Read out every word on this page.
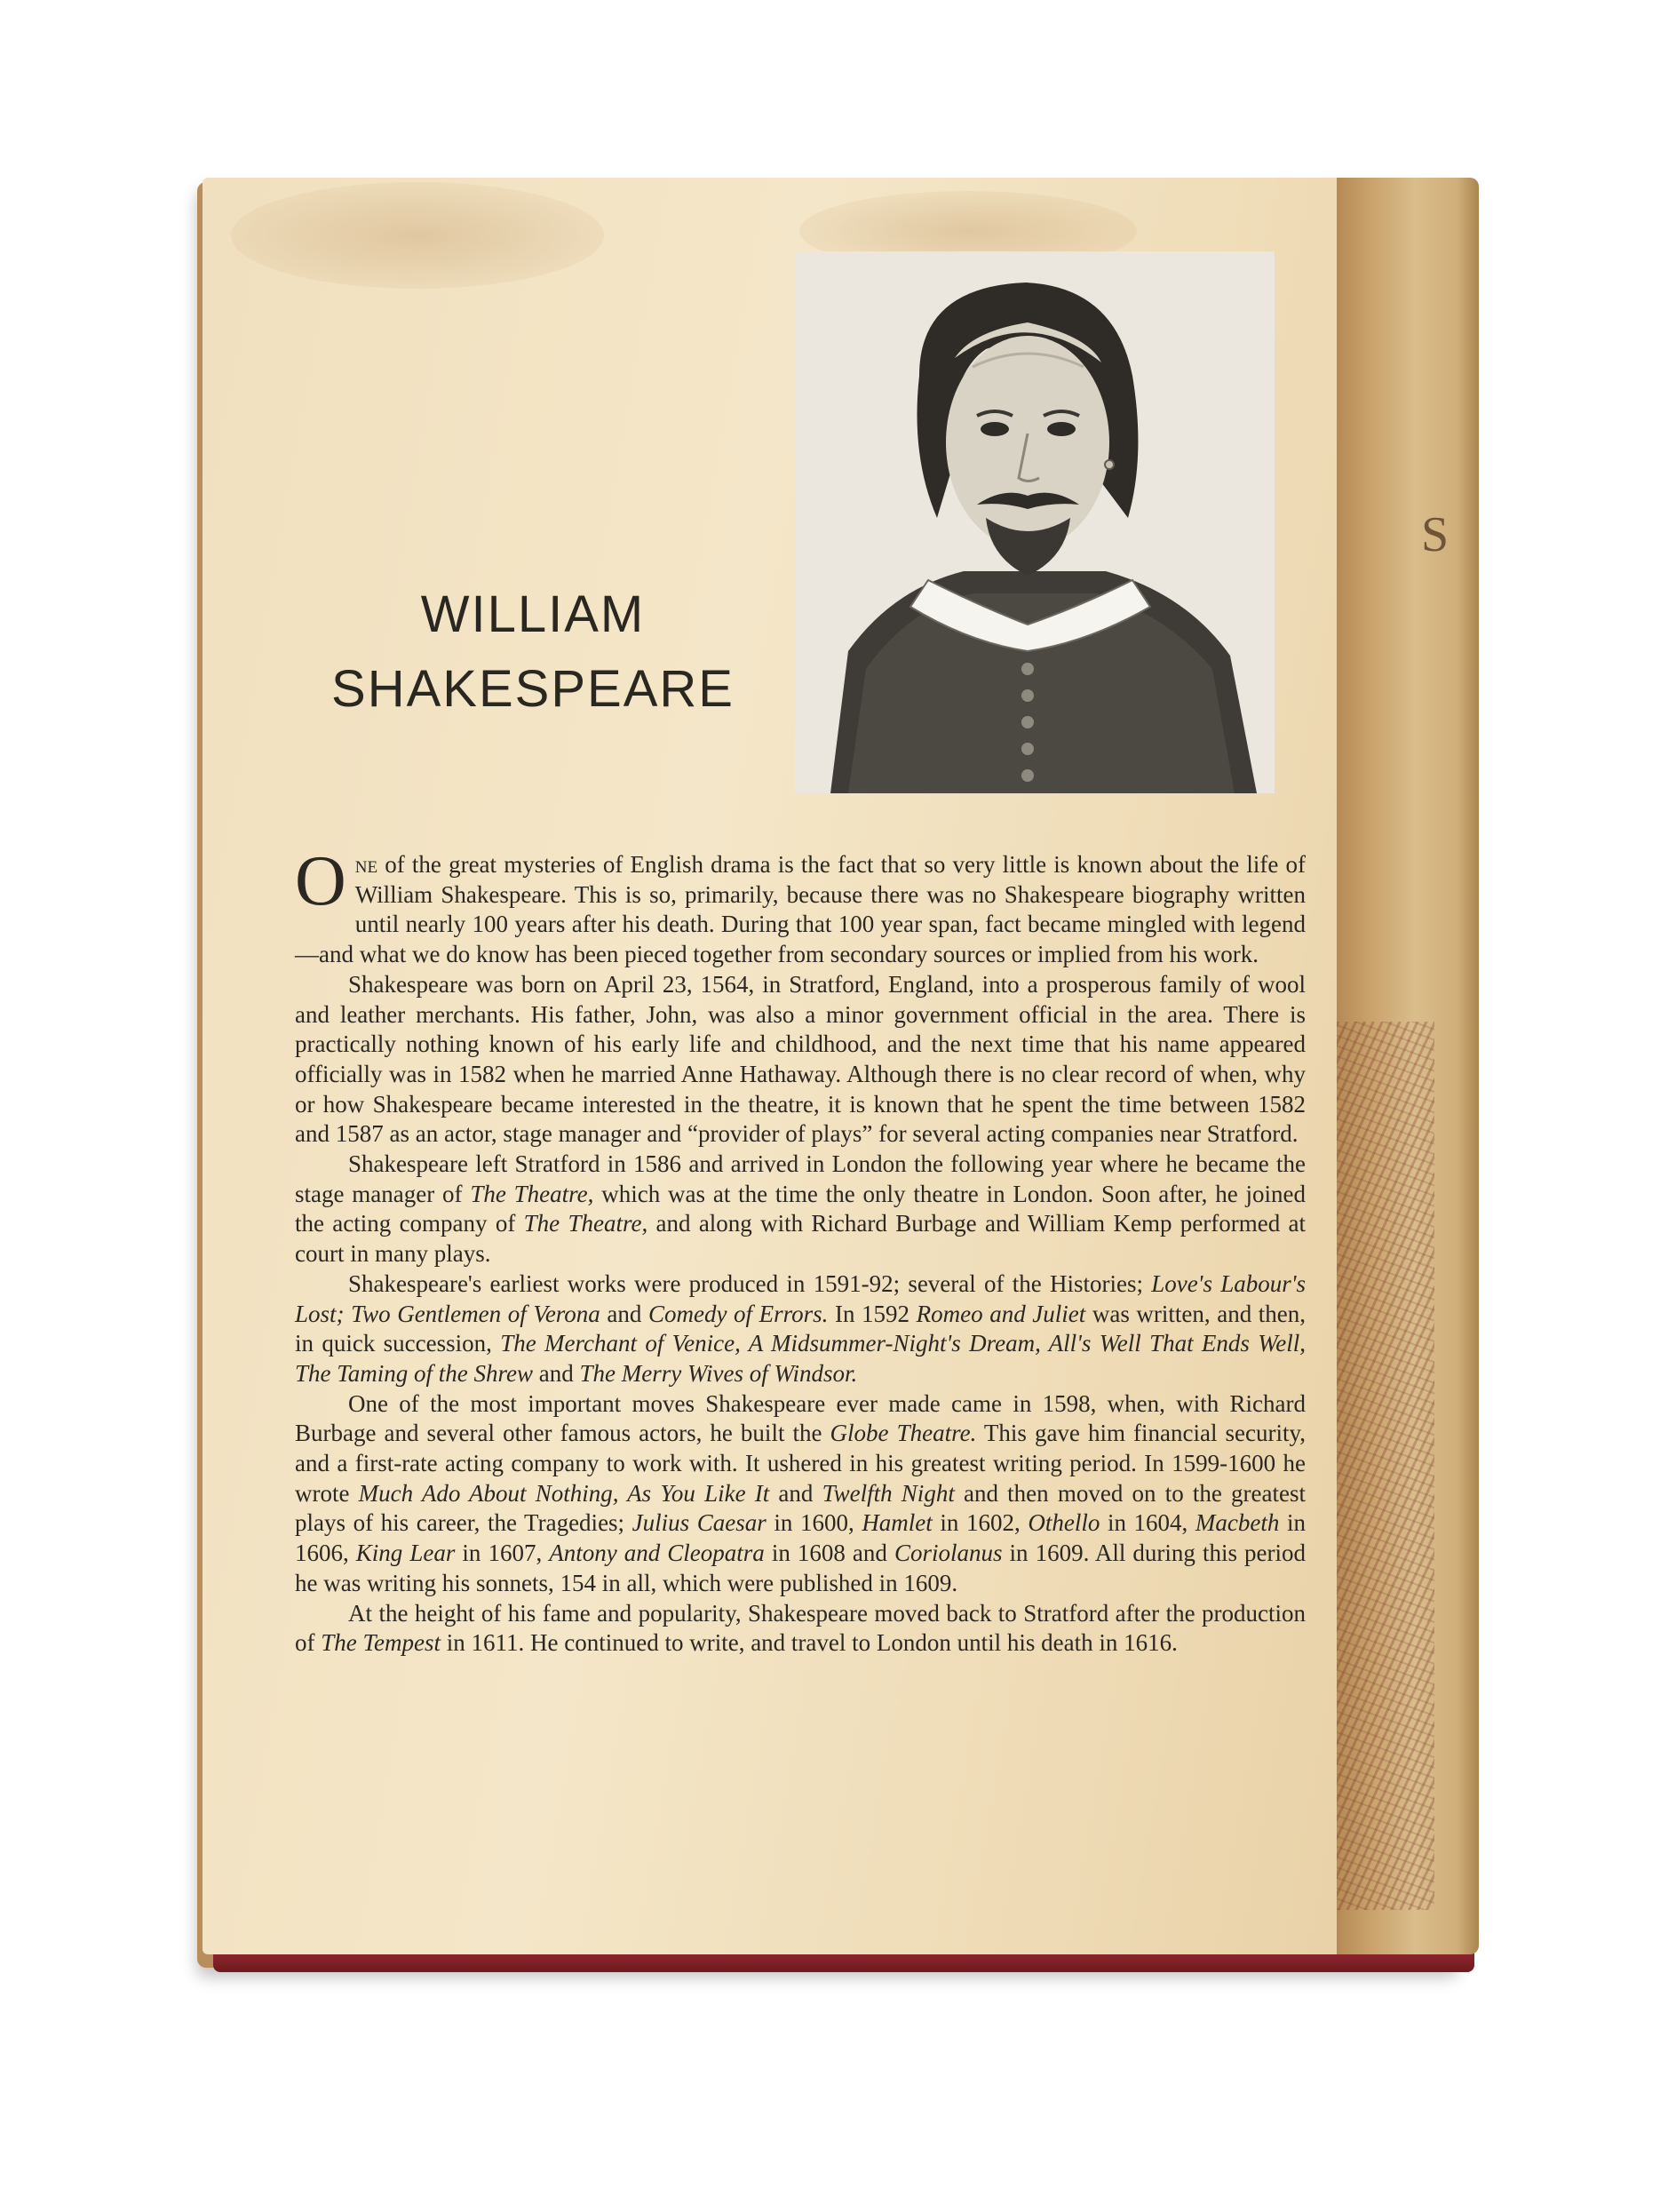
S
WILLIAM
SHAKESPEARE

One of the great mysteries of English drama is the fact that so very little is known about the life of William Shakespeare. This is so, primarily, because there was no Shakespeare biography written until nearly 100 years after his death. During that 100 year span, fact became mingled with legend—and what we do know has been pieced together from secondary sources or implied from his work.

Shakespeare was born on April 23, 1564, in Stratford, England, into a prosperous family of wool and leather merchants. His father, John, was also a minor government official in the area. There is practically nothing known of his early life and childhood, and the next time that his name appeared officially was in 1582 when he married Anne Hathaway. Although there is no clear record of when, why or how Shakespeare became interested in the theatre, it is known that he spent the time between 1582 and 1587 as an actor, stage manager and “provider of plays” for several acting companies near Stratford.

Shakespeare left Stratford in 1586 and arrived in London the following year where he became the stage manager of The Theatre, which was at the time the only theatre in London. Soon after, he joined the acting company of The Theatre, and along with Richard Burbage and William Kemp performed at court in many plays.

Shakespeare's earliest works were produced in 1591-92; several of the Histories; Love's Labour's Lost; Two Gentlemen of Verona and Comedy of Errors. In 1592 Romeo and Juliet was written, and then, in quick succession, The Merchant of Venice, A Midsummer-Night's Dream, All's Well That Ends Well, The Taming of the Shrew and The Merry Wives of Windsor.

One of the most important moves Shakespeare ever made came in 1598, when, with Richard Burbage and several other famous actors, he built the Globe Theatre. This gave him financial security, and a first-rate acting company to work with. It ushered in his greatest writing period. In 1599-1600 he wrote Much Ado About Nothing, As You Like It and Twelfth Night and then moved on to the greatest plays of his career, the Tragedies; Julius Caesar in 1600, Hamlet in 1602, Othello in 1604, Macbeth in 1606, King Lear in 1607, Antony and Cleopatra in 1608 and Coriolanus in 1609. All during this period he was writing his sonnets, 154 in all, which were published in 1609.

At the height of his fame and popularity, Shakespeare moved back to Stratford after the production of The Tempest in 1611. He continued to write, and travel to London until his death in 1616.
